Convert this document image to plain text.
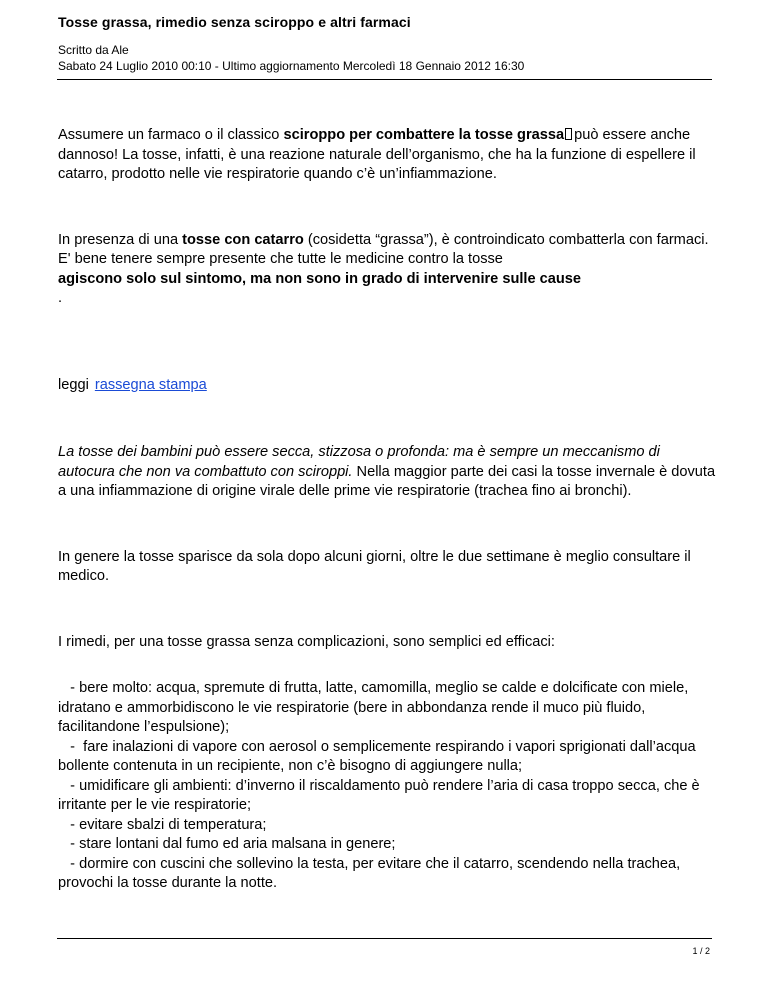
Tosse grassa, rimedio senza sciroppo e altri farmaci

Scritto da Ale
Sabato 24 Luglio 2010 00:10 - Ultimo aggiornamento Mercoledì 18 Gennaio 2012 16:30

Assumere un farmaco o il classico sciroppo per combattere la tosse grassa può essere anche dannoso! La tosse, infatti, è una reazione naturale dell’organismo, che ha la funzione di espellere il catarro, prodotto nelle vie respiratorie quando c’è un’infiammazione.

In presenza di una tosse con catarro (cosidetta “grassa”), è controindicato combatterla con farmaci. E' bene tenere sempre presente che tutte le medicine contro la tosse
agiscono solo sul sintomo, ma non sono in grado di intervenire sulle cause
.

leggi rassegna stampa

La tosse dei bambini può essere secca, stizzosa o profonda: ma è sempre un meccanismo di autocura che non va combattuto con sciroppi. Nella maggior parte dei casi la tosse invernale è dovuta a una infiammazione di origine virale delle prime vie respiratorie (trachea fino ai bronchi).

In genere la tosse sparisce da sola dopo alcuni giorni, oltre le due settimane è meglio consultare il medico.

I rimedi, per una tosse grassa senza complicazioni, sono semplici ed efficaci:

- bere molto: acqua, spremute di frutta, latte, camomilla, meglio se calde e dolcificate con miele, idratano e ammorbidiscono le vie respiratorie (bere in abbondanza rende il muco più fluido, facilitandone l’espulsione);

-  fare inalazioni di vapore con aerosol o semplicemente respirando i vapori sprigionati dall’acqua bollente contenuta in un recipiente, non c’è bisogno di aggiungere nulla;

- umidificare gli ambienti: d’inverno il riscaldamento può rendere l’aria di casa troppo secca, che è irritante per le vie respiratorie;

- evitare sbalzi di temperatura;

- stare lontani dal fumo ed aria malsana in genere;

- dormire con cuscini che sollevino la testa, per evitare che il catarro, scendendo nella trachea, provochi la tosse durante la notte.

1 / 2
